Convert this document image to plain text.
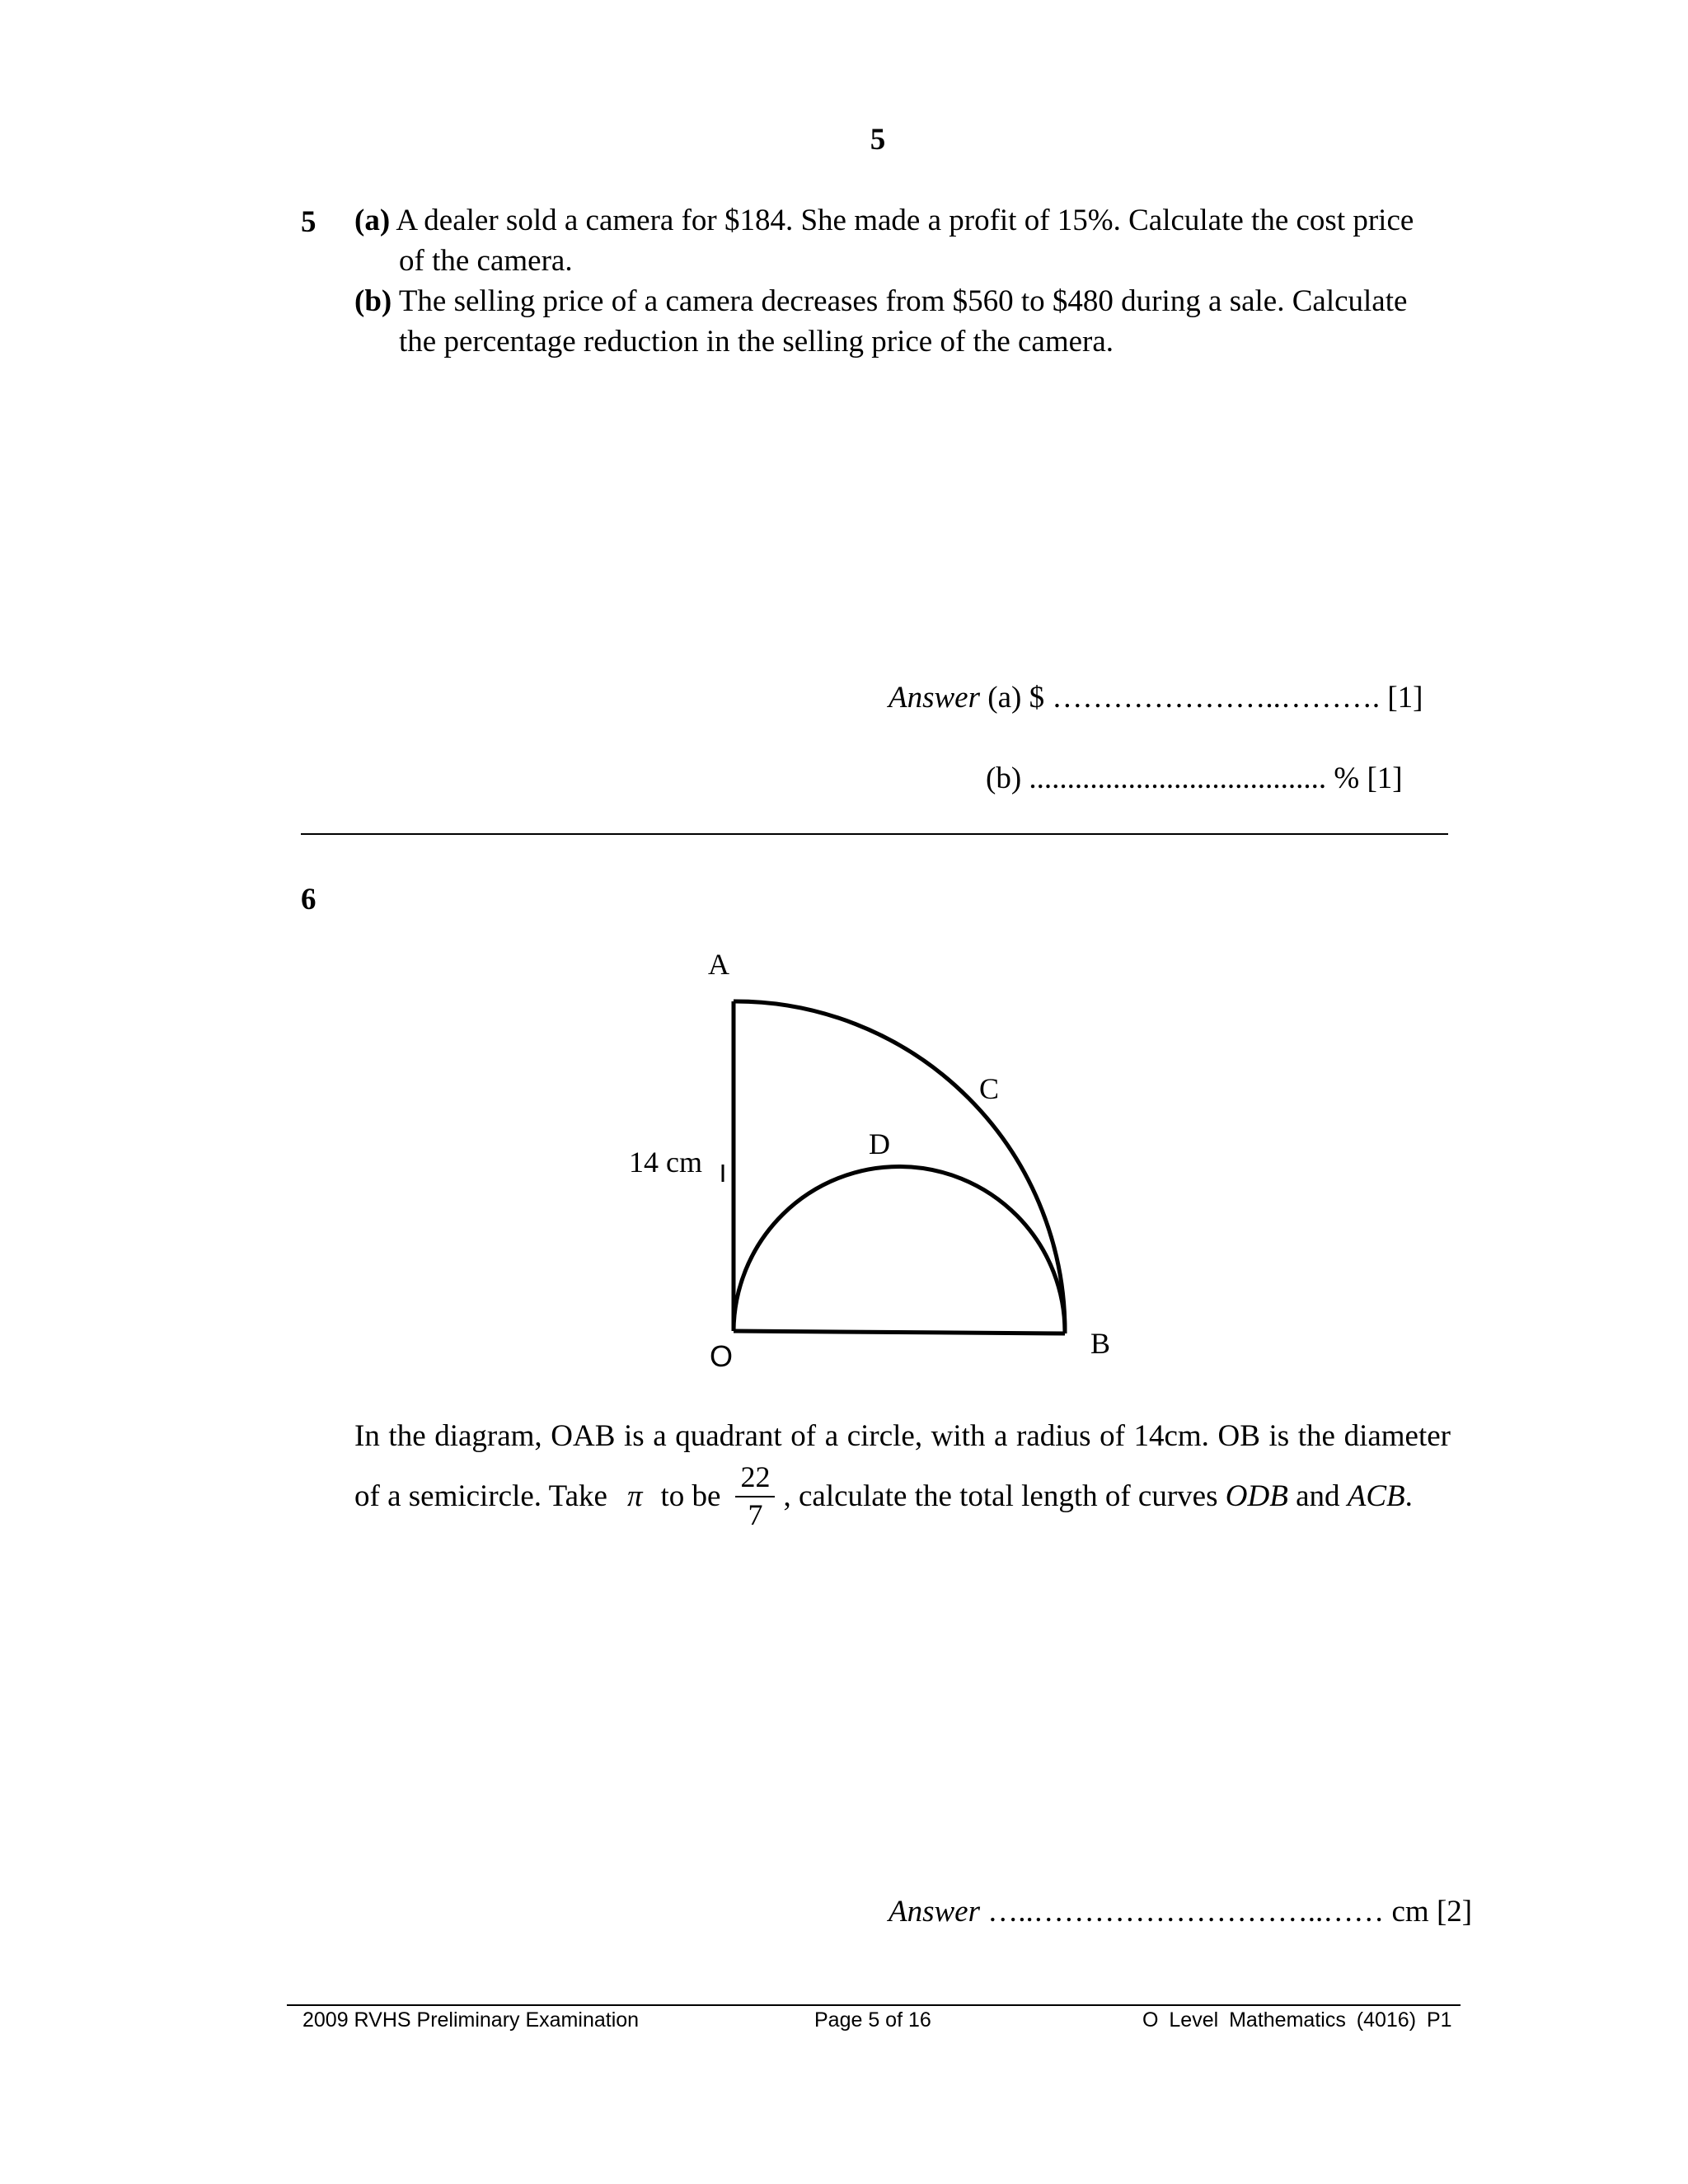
5
5 (a) A dealer sold a camera for $184. She made a profit of 15%. Calculate the cost price
of the camera.
(b) The selling price of a camera decreases from $560 to $480 during a sale. Calculate
the percentage reduction in the selling price of the camera.
Answer (a) $ …………………..………. [1]
(b) ....................................... % [1]
6
A
C
D
14 cm
O	B
In the diagram, OAB is a quadrant of a circle, with a radius of 14cm. OB is the diameter
of a semicircle. Take π to be $\frac{22}{7}$ , calculate the total length of curves
ODB
and
ACB .
Answer …..………………………..…… cm [2]
2009 RVHS Preliminary Examination	Page 5 of 16	O Level Mathematics (4016) P1
